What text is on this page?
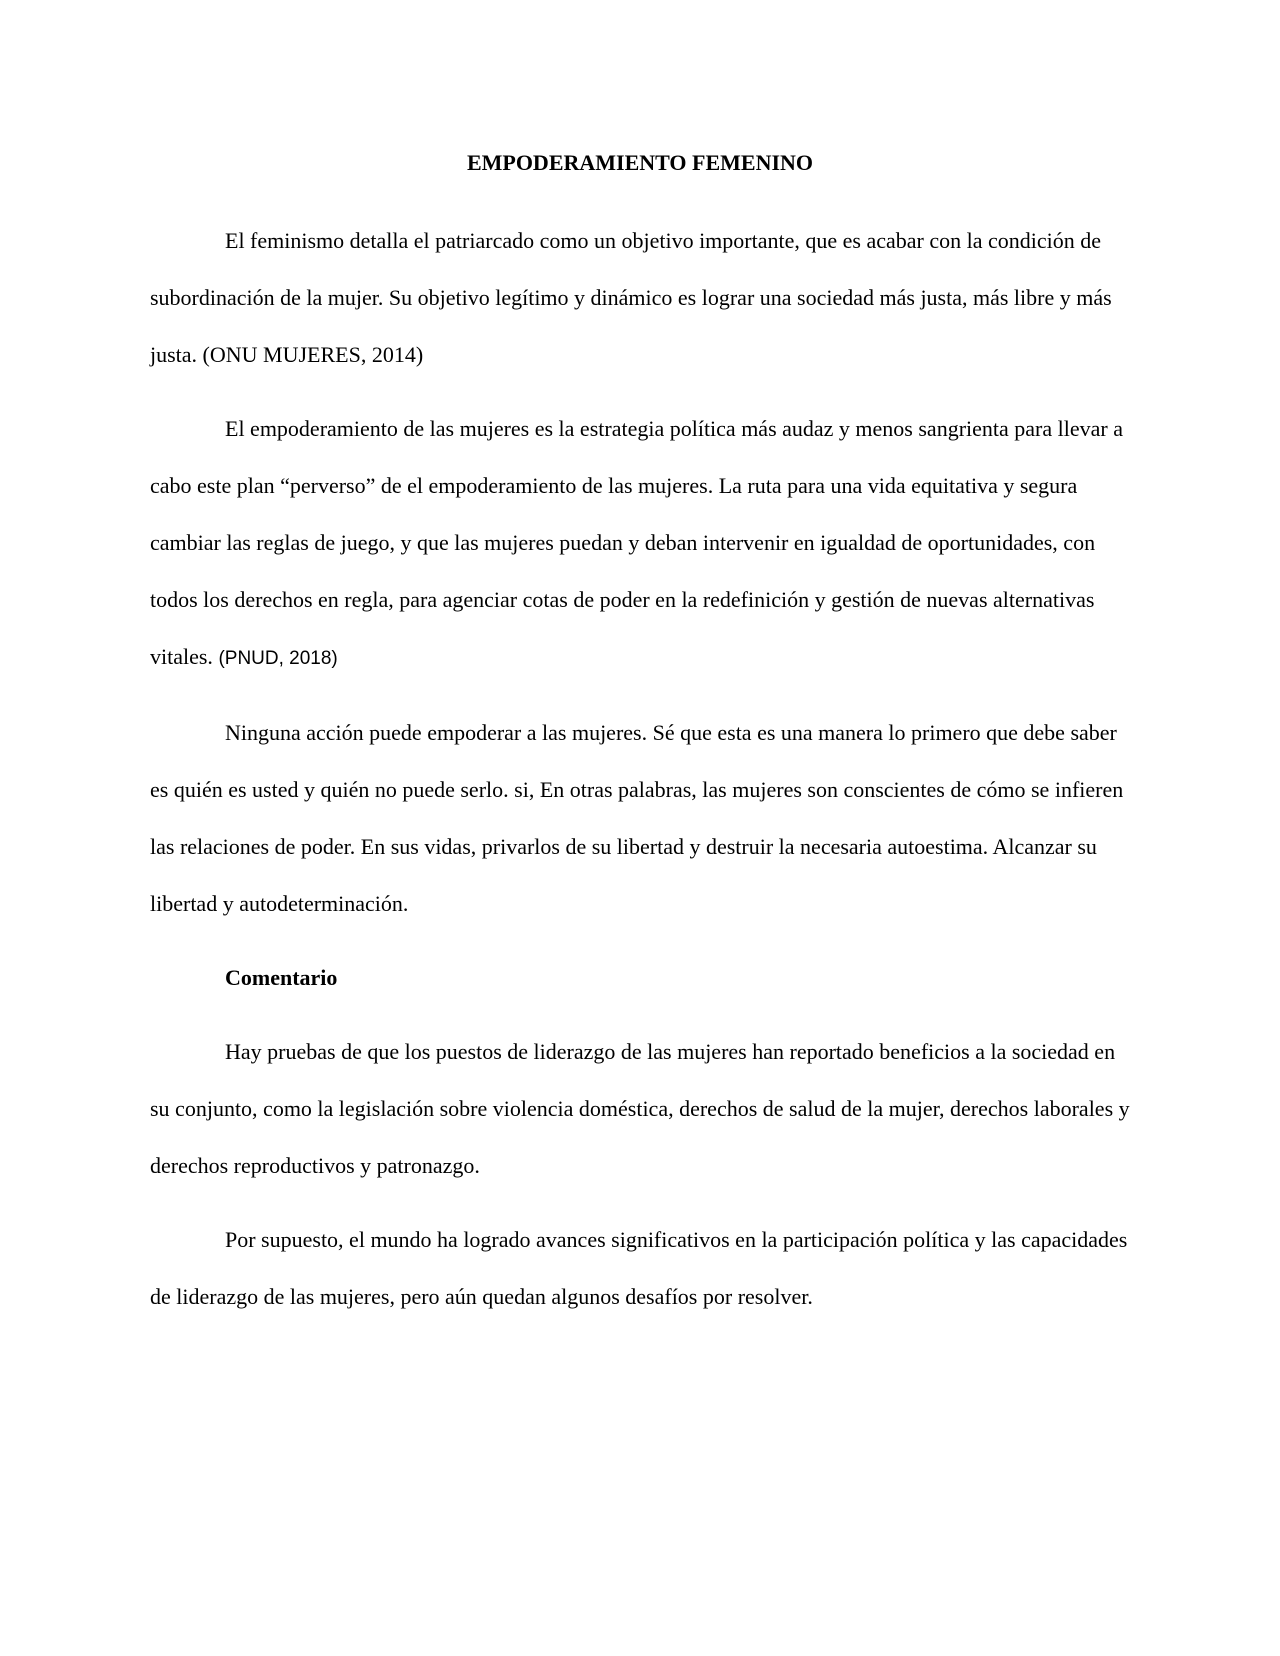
EMPODERAMIENTO FEMENINO

El feminismo detalla el patriarcado como un objetivo importante, que es acabar con la condición de subordinación de la mujer. Su objetivo legítimo y dinámico es lograr una sociedad más justa, más libre y más justa. (ONU MUJERES, 2014)

El empoderamiento de las mujeres es la estrategia política más audaz y menos sangrienta para llevar a cabo este plan “perverso” de el empoderamiento de las mujeres. La ruta para una vida equitativa y segura cambiar las reglas de juego, y que las mujeres puedan y deban intervenir en igualdad de oportunidades, con todos los derechos en regla, para agenciar cotas de poder en la redefinición y gestión de nuevas alternativas vitales. (PNUD, 2018)

Ninguna acción puede empoderar a las mujeres. Sé que esta es una manera lo primero que debe saber es quién es usted y quién no puede serlo. si, En otras palabras, las mujeres son conscientes de cómo se infieren las relaciones de poder. En sus vidas, privarlos de su libertad y destruir la necesaria autoestima. Alcanzar su libertad y autodeterminación.

Comentario

Hay pruebas de que los puestos de liderazgo de las mujeres han reportado beneficios a la sociedad en su conjunto, como la legislación sobre violencia doméstica, derechos de salud de la mujer, derechos laborales y derechos reproductivos y patronazgo.

Por supuesto, el mundo ha logrado avances significativos en la participación política y las capacidades de liderazgo de las mujeres, pero aún quedan algunos desafíos por resolver.
